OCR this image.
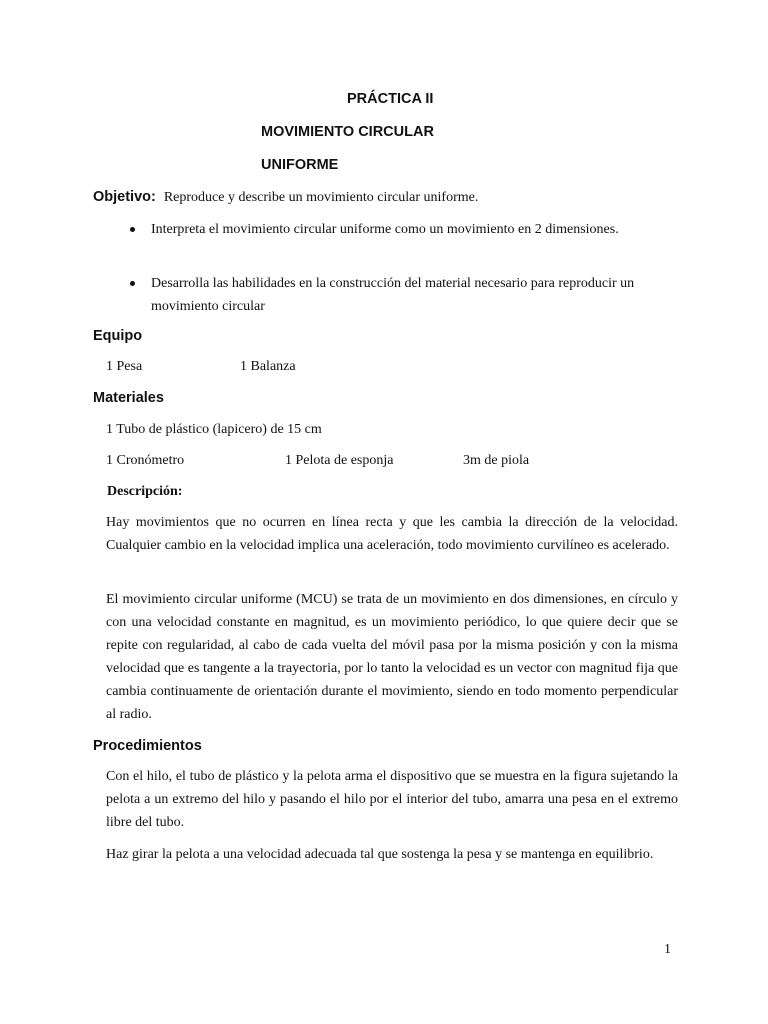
PRÁCTICA II
MOVIMIENTO CIRCULAR
UNIFORME
Objetivo: Reproduce y describe un movimiento circular uniforme.
Interpreta el movimiento circular uniforme como un movimiento en 2 dimensiones.
Desarrolla las habilidades en la construcción del material necesario para reproducir un movimiento circular
Equipo
1 Pesa	1 Balanza
Materiales
1 Tubo de plástico (lapicero) de 15 cm
1 Cronómetro	1 Pelota de esponja	3m de piola
Descripción:
Hay movimientos que no ocurren en línea recta y que les cambia la dirección de la velocidad. Cualquier cambio en la velocidad implica una aceleración, todo movimiento curvilíneo es acelerado.
El movimiento circular uniforme (MCU) se trata de un movimiento en dos dimensiones, en círculo y con una velocidad constante en magnitud, es un movimiento periódico, lo que quiere decir que se repite con regularidad, al cabo de cada vuelta del móvil pasa por la misma posición y con la misma velocidad que es tangente a la trayectoria, por lo tanto la velocidad es un vector con magnitud fija que cambia continuamente de orientación durante el movimiento, siendo en todo momento perpendicular al radio.
Procedimientos
Con el hilo, el tubo de plástico y la pelota arma el dispositivo que se muestra en la figura sujetando la pelota a un extremo del hilo y pasando el hilo por el interior del tubo, amarra una pesa en el extremo libre del tubo.
Haz girar la pelota a una velocidad adecuada tal que sostenga la pesa y se mantenga en equilibrio.
1
